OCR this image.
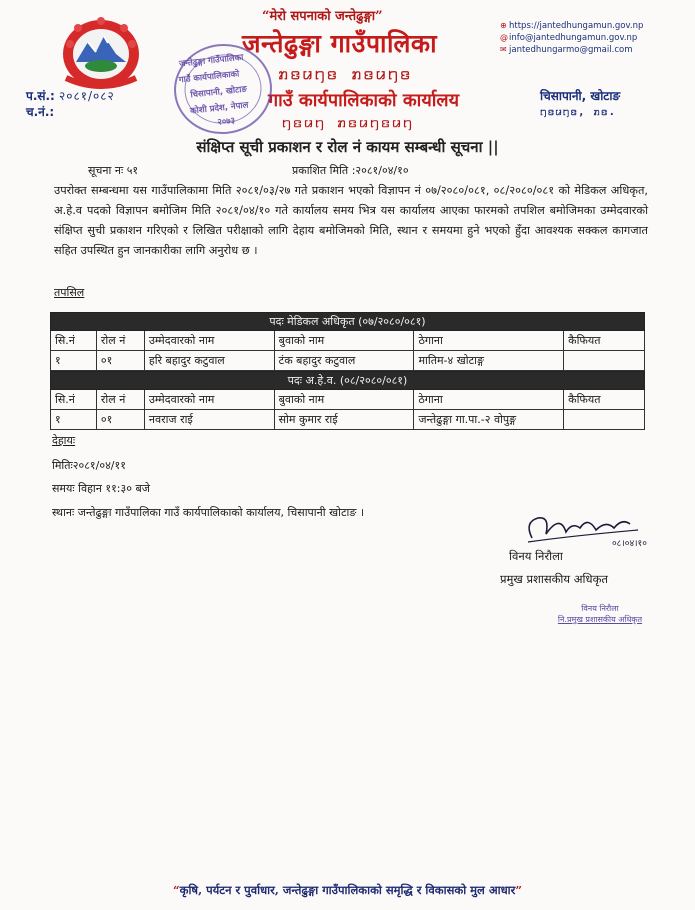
“मेरो सपनाको जन्तेढुङ्गा”
जन्तेढुङ्गा गाउँपालिका
ꤊꤢꤣꤚꤢ ꤊꤢꤣꤚꤢ
गाउँ कार्यपालिकाको कार्यालय
ꤚꤢꤣꤚ ꤊꤢꤣꤚꤢꤣꤚ
⊕ https://jantedhungamun.gov.np
@info@jantedhungamun.gov.np
✉ jantedhungarmo@gmail.com
प.सं.: २०८१/०८२
च.नं.:
चिसापानी, खोटाङ
ꤚꤢꤣꤚꤢ, ꤊꤢ.
जन्तेढुङ्गा गाउँपालिका
गाउँ कार्यपालिकाको
चिसापानी, खोटाङ
कोशी प्रदेश, नेपाल
२०७३
संक्षिप्त सूची प्रकाशन र रोल नं कायम सम्बन्धी सूचना ||
सूचना नः ५१	प्रकाशित मिति :२०८१/०४/१०
उपरोक्त सम्बन्धमा यस गाउँपालिकामा मिति २०८१/०३/२७ गते प्रकाशन भएको विज्ञापन नं ०७/२०८०/०८१, ०८/२०८०/०८१ को मेडिकल अधिकृत, अ.हे.व पदको विज्ञापन बमोजिम मिति २०८१/०४/१० गते कार्यालय समय भित्र यस कार्यालय आएका फारमको तपशिल बमोजिमका उम्मेदवारको संक्षिप्त सुची प्रकाशन गरिएको र लिखित परीक्षाको लागि देहाय बमोजिमको मिति, स्थान र समयमा हुने भएको हुँदा आवश्यक सक्कल कागजात सहित उपस्थित हुन जानकारीका लागि अनुरोध छ ।
तपसिल
पदः मेडिकल अधिकृत (०७/२०८०/०८१)					
सि.नं	रोल नं	उम्मेदवारको नाम	बुवाको नाम	ठेगाना	कैफियत
१	०१	हरि बहादुर कटुवाल	टंक बहादुर कटुवाल	मातिम-४ खोटाङ्ग	
पदः अ.हे.व. (०८/२०८०/०८१)					
सि.नं	रोल नं	उम्मेदवारको नाम	बुवाको नाम	ठेगाना	कैफियत
१	०१	नवराज राई	सोम कुमार राई	जन्तेढुङ्गा गा.पा.-२ वोपुङ्ग	
देहायः
मितिः२०८१/०४/११
समयः विहान ११:३० बजे
स्थानः जन्तेढुङ्गा गाउँपालिका गाउँ कार्यपालिकाको कार्यालय, चिसापानी खोटाङ ।
०८।०४।१०
विनय निरौला
प्रमुख प्रशासकीय अधिकृत
विनय निरौला
नि.प्रमुख प्रशासकीय अधिकृत
“कृषि, पर्यटन र पुर्वाधार, जन्तेढुङ्गा गाउँपालिकाको समृद्धि र विकासको मुल आधार”
